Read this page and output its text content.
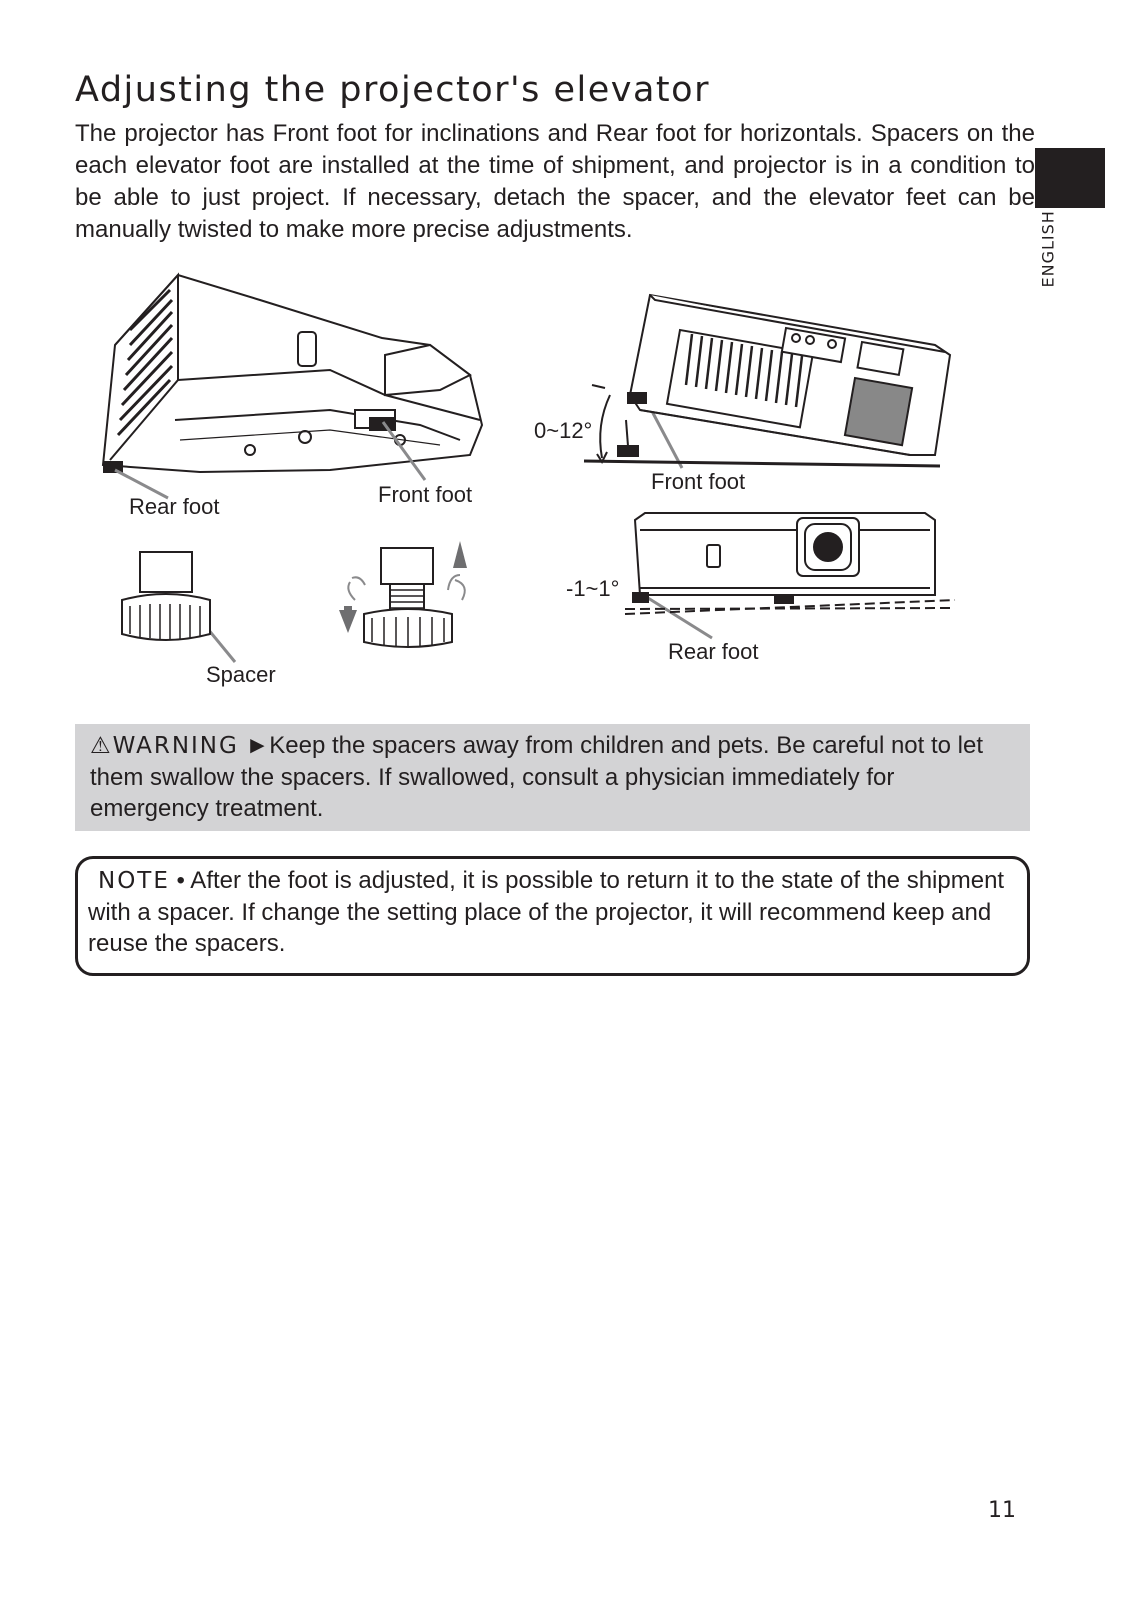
Adjusting the projector's elevator

The projector has Front foot for inclinations and Rear foot for horizontals. Spacers on the each elevator foot are installed at the time of shipment, and projector is in a condition to be able to just project. If necessary, detach the spacer, and the elevator feet can be manually twisted to make more precise adjustments.	ENGLISH
Rear foot	Front foot
Spacer
0~12°
Front foot
-1~1°
Rear foot
⚠WARNING ►Keep the spacers away from children and pets. Be careful not to let them swallow the spacers. If swallowed, consult a physician immediately for emergency treatment.
NOTE • After the foot is adjusted, it is possible to return it to the state of the shipment with a spacer. If change the setting place of the projector, it will recommend keep and reuse the spacers.
11
